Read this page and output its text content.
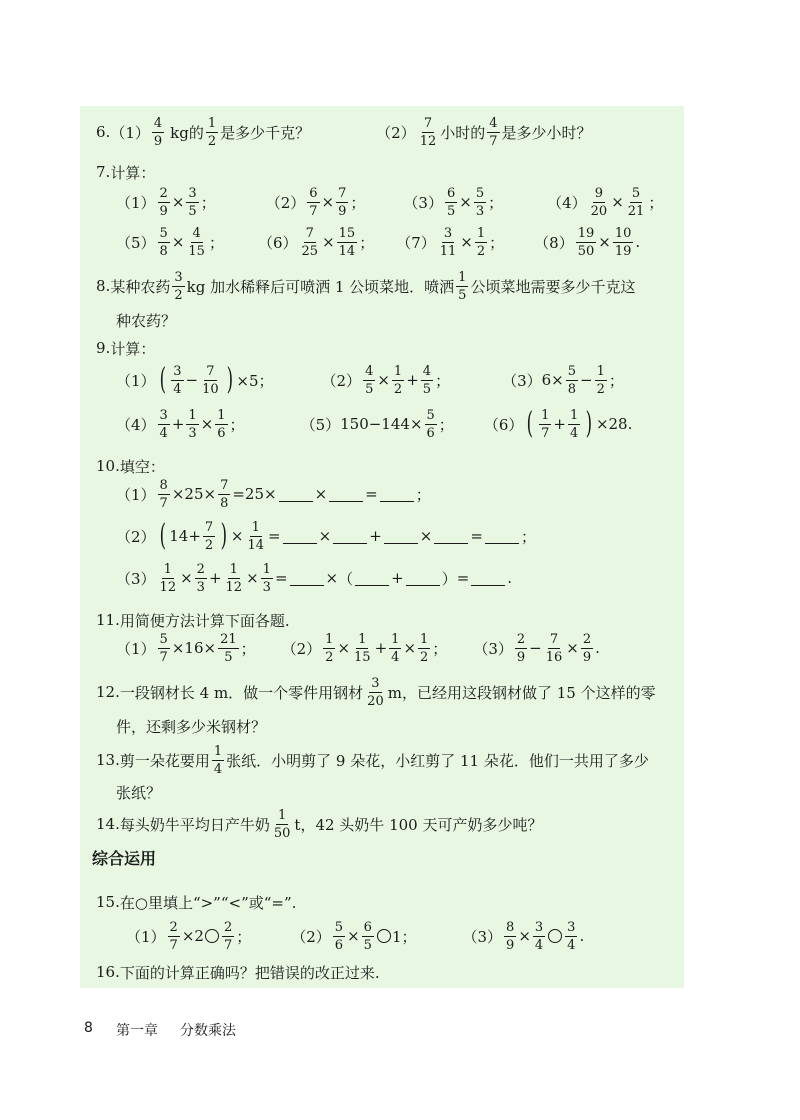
6. $(1) \frac{4}{9}$ kg的 $\frac{1}{2}$ 是多少千克？	$(2) \frac{7}{12}$ 小时的 $\frac{4}{7}$ 是多少小时？
7. 计算：
$(1) \frac{2}{9} \times \frac{3}{5}$ ；	$(2) \frac{6}{7} \times \frac{7}{9}$ ；	$(3) \frac{6}{5} \times \frac{5}{3}$ ；	$(4) \frac{9}{20} \times \frac{5}{21}$ ；
$(5) \frac{5}{8} \times \frac{4}{15}$ ； $(6) \frac{7}{25} \times \frac{15}{14}$ ； $(7) \frac{3}{11} \times \frac{1}{2}$ ； $(8) \frac{19}{50} \times \frac{10}{19}$ .
8. 某种农药 $\frac{3}{2}$ kg 加水稀释后可喷洒 1 公顷菜地．喷洒 $\frac{1}{5}$ 公顷菜地需要多少千克这
种农药？
9. 计算：
（1） ( $\frac{3}{4} - \frac{7}{10}$ ) ×5；	$(2) \frac{4}{5} \times \frac{1}{2} + \frac{4}{5}$ ；	（3） $6\times \frac{5}{8} - \frac{1}{2}$ ；
$(4) \frac{3}{4} + \frac{1}{3} \times \frac{1}{6}$ ；	（5） $150-144\times \frac{5}{6}$ ； （6） ( $\frac{1}{7} + \frac{1}{4}$ ) ×28.
10. 填空：
$(1) \frac{8}{7} \times 25\times \frac{7}{8} =25\times$	×	=	；
（2） ( $14+ \frac{7}{2}$ ) × $\frac{1}{14}$ =	×	+	×	=	；
$(3) \frac{1}{12} \times \frac{2}{3} + \frac{1}{12} \times \frac{1}{3}$ =	× （	+	） =	.
11. 用简便方法计算下面各题.
$(1) \frac{5}{7} \times 16\times \frac{21}{5}$ ； $(2) \frac{1}{2} \times \frac{1}{15} + \frac{1}{4} \times \frac{1}{2}$ ； $(3) \frac{2}{9} - \frac{7}{16} \times \frac{2}{9}$ .
12. 一段钢材长 4 m．做一个零件用钢材 $\frac{3}{20}$ m，已经用这段钢材做了 15 个这样的零
件，还剩多少米钢材？
13. 剪一朵花要用 $\frac{1}{4}$ 张纸．小明剪了 9 朵花，小红剪了 11 朵花．他们一共用了多少
张纸？
14. 每头奶牛平均日产牛奶 $\frac{1}{50}$ t，42 头奶牛 100 天可产奶多少吨？
综合运用
15. 在○里填上“>”“<”或“=”.
$(1) \frac{2}{7} \times 2 \frac{2}{7}$ ；	$(2) \frac{5}{6} \times \frac{6}{5} 1$；	$(3) \frac{8}{9} \times \frac{3}{4} \frac{3}{4}$ .
16. 下面的计算正确吗？把错误的改正过来.
8 第一章 分数乘法
